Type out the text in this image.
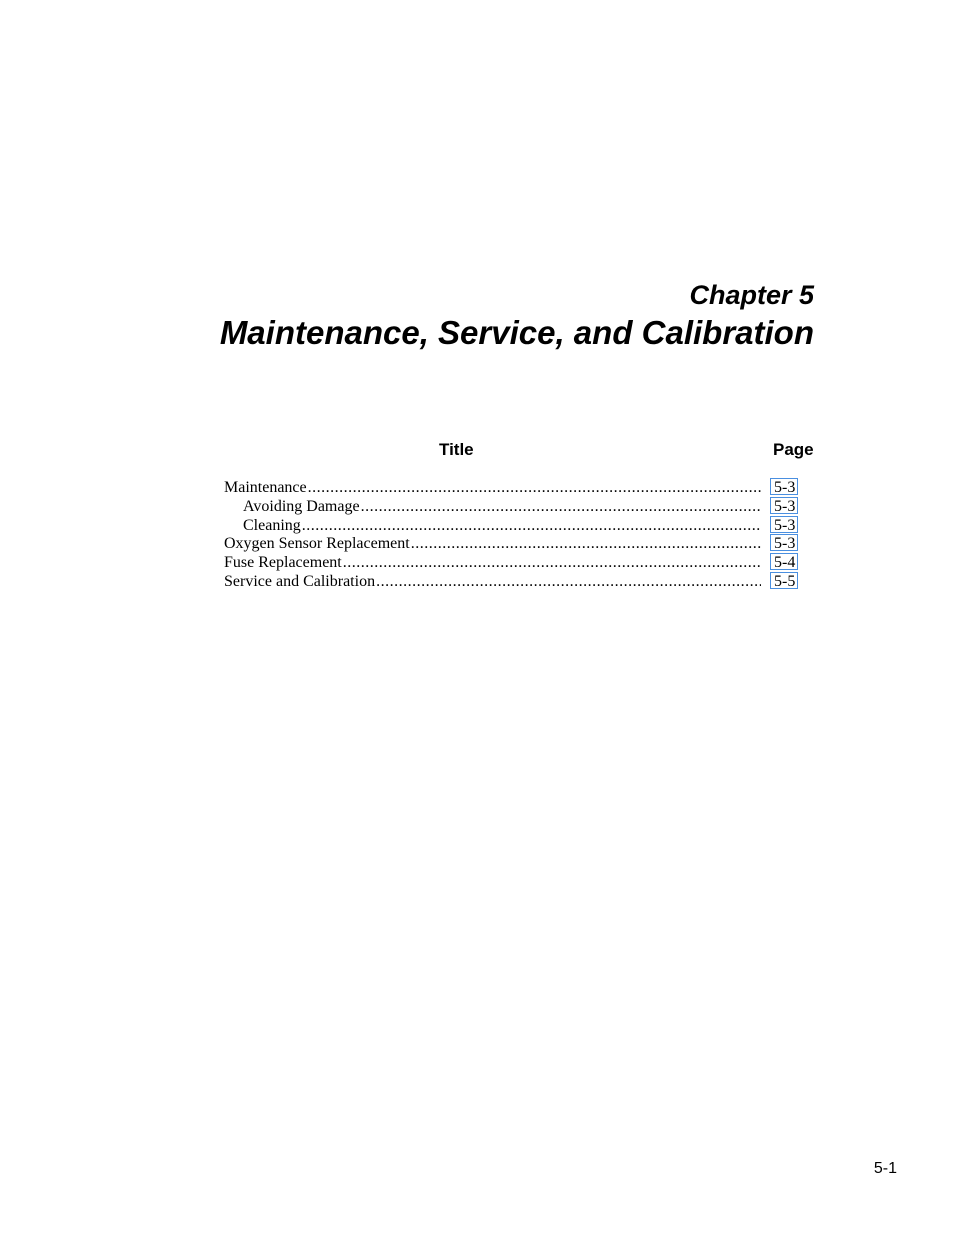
Chapter 5
Maintenance, Service, and Calibration
Title	Page
Maintenance .....	5-3
Avoiding Damage .....	5-3
Cleaning .....	5-3
Oxygen Sensor Replacement .....	5-3
Fuse Replacement .....	5-4
Service and Calibration .....	5-5
5-1
